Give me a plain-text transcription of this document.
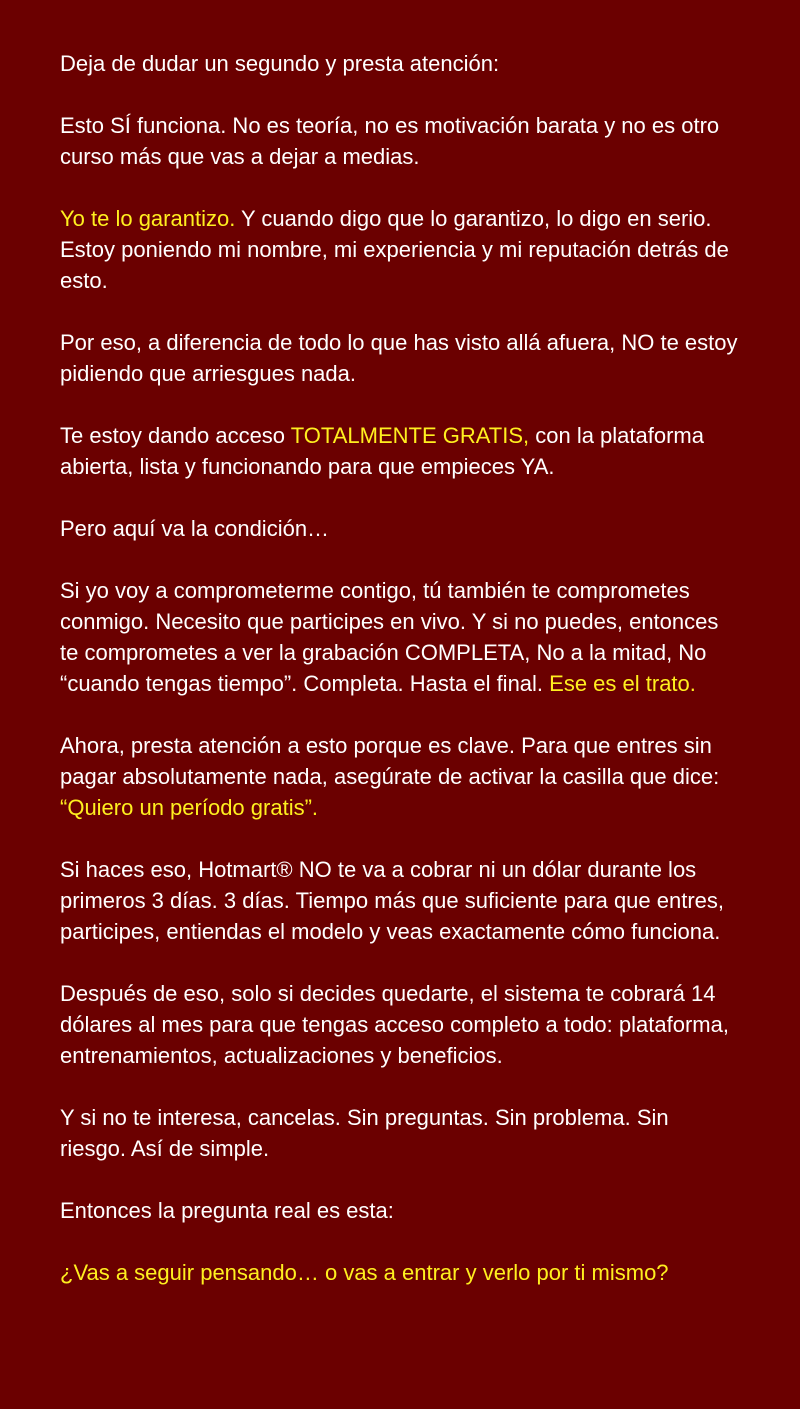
Deja de dudar un segundo y presta atención:

Esto SÍ funciona. No es teoría, no es motivación barata y no es otro curso más que vas a dejar a medias.

Yo te lo garantizo. Y cuando digo que lo garantizo, lo digo en serio. Estoy poniendo mi nombre, mi experiencia y mi reputación detrás de esto.

Por eso, a diferencia de todo lo que has visto allá afuera, NO te estoy pidiendo que arriesgues nada.

Te estoy dando acceso TOTALMENTE GRATIS, con la plataforma abierta, lista y funcionando para que empieces YA.

Pero aquí va la condición…

Si yo voy a comprometerme contigo, tú también te comprometes conmigo. Necesito que participes en vivo. Y si no puedes, entonces te comprometes a ver la grabación COMPLETA, No a la mitad, No “cuando tengas tiempo”. Completa. Hasta el final. Ese es el trato.

Ahora, presta atención a esto porque es clave. Para que entres sin pagar absolutamente nada, asegúrate de activar la casilla que dice: “Quiero un período gratis”.

Si haces eso, Hotmart® NO te va a cobrar ni un dólar durante los primeros 3 días. 3 días. Tiempo más que suficiente para que entres, participes, entiendas el modelo y veas exactamente cómo funciona.

Después de eso, solo si decides quedarte, el sistema te cobrará 14 dólares al mes para que tengas acceso completo a todo: plataforma, entrenamientos, actualizaciones y beneficios.

Y si no te interesa, cancelas. Sin preguntas. Sin problema. Sin riesgo. Así de simple.

Entonces la pregunta real es esta:

¿Vas a seguir pensando… o vas a entrar y verlo por ti mismo?
